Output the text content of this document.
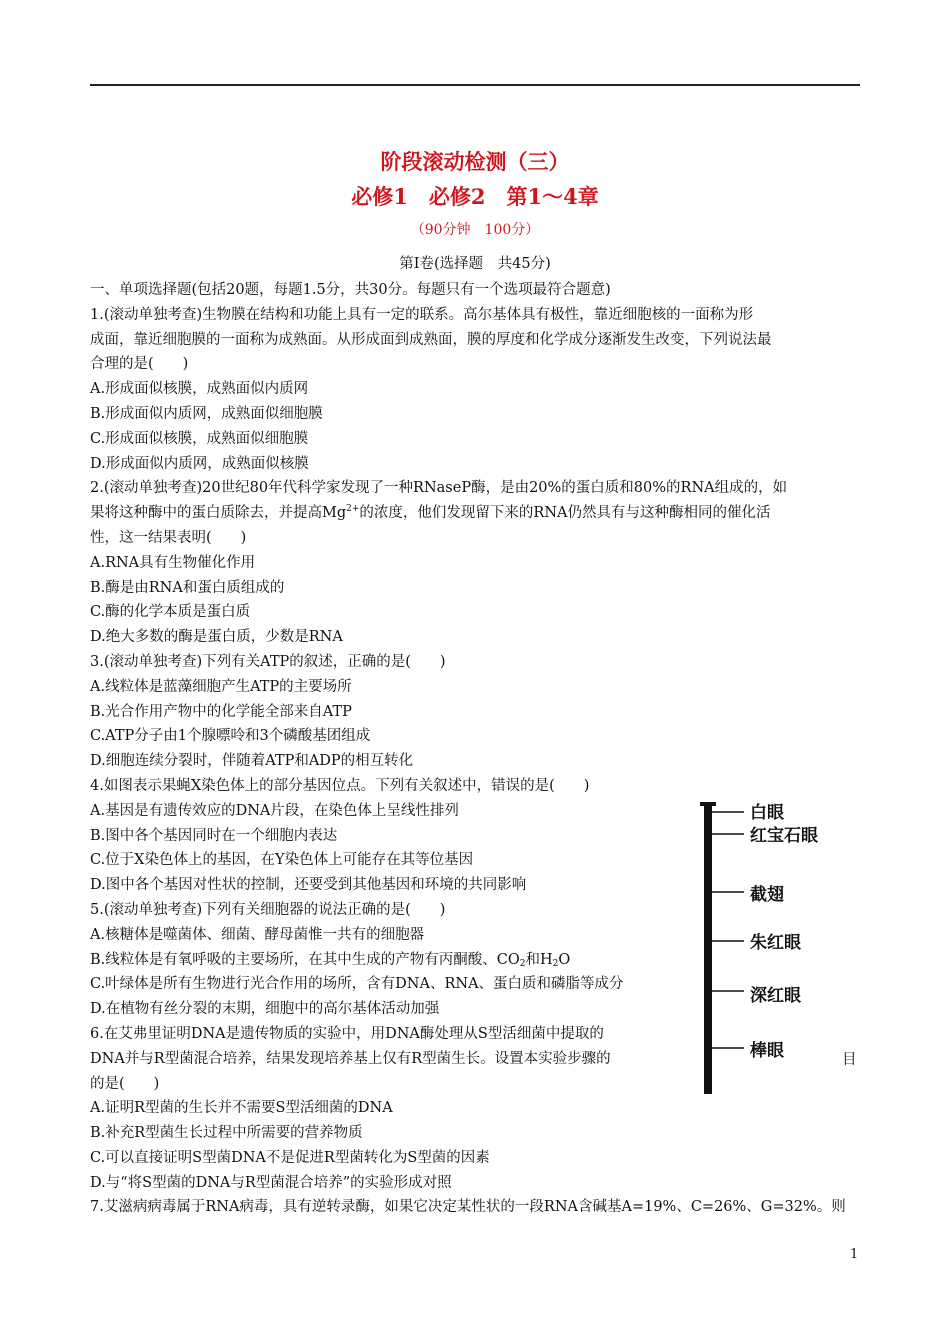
阶段滚动检测（三）
必修1　必修2　第1～4章
（90分钟　100分）
第Ⅰ卷(选择题　共45分)
一、单项选择题(包括20题，每题1.5分，共30分。每题只有一个选项最符合题意)
1.(滚动单独考查)生物膜在结构和功能上具有一定的联系。高尔基体具有极性，靠近细胞核的一面称为形
成面，靠近细胞膜的一面称为成熟面。从形成面到成熟面，膜的厚度和化学成分逐渐发生改变，下列说法最
合理的是(　　)
A.形成面似核膜，成熟面似内质网
B.形成面似内质网，成熟面似细胞膜
C.形成面似核膜，成熟面似细胞膜
D.形成面似内质网，成熟面似核膜
2.(滚动单独考查)20世纪80年代科学家发现了一种RNaseP酶，是由20%的蛋白质和80%的RNA组成的，如
果将这种酶中的蛋白质除去，并提高$Mg^{2+}$的浓度，他们发现留下来的RNA仍然具有与这种酶相同的催化活
性，这一结果表明(　　)
A.RNA具有生物催化作用
B.酶是由RNA和蛋白质组成的
C.酶的化学本质是蛋白质
D.绝大多数的酶是蛋白质，少数是RNA
3.(滚动单独考查)下列有关ATP的叙述，正确的是(　　)
A.线粒体是蓝藻细胞产生ATP的主要场所
B.光合作用产物中的化学能全部来自ATP
C.ATP分子由1个腺嘌呤和3个磷酸基团组成
D.细胞连续分裂时，伴随着ATP和ADP的相互转化
4.如图表示果蝇X染色体上的部分基因位点。下列有关叙述中，错误的是(　　)
A.基因是有遗传效应的DNA片段，在染色体上呈线性排列
B.图中各个基因同时在一个细胞内表达
C.位于X染色体上的基因，在Y染色体上可能存在其等位基因
D.图中各个基因对性状的控制，还要受到其他基因和环境的共同影响
5.(滚动单独考查)下列有关细胞器的说法正确的是(　　)
A.核糖体是噬菌体、细菌、酵母菌惟一共有的细胞器
B.线粒体是有氧呼吸的主要场所，在其中生成的产物有丙酮酸、$CO_2$和$H_2O$
C.叶绿体是所有生物进行光合作用的场所，含有DNA、RNA、蛋白质和磷脂等成分
D.在植物有丝分裂的末期，细胞中的高尔基体活动加强
6.在艾弗里证明DNA是遗传物质的实验中，用DNA酶处理从S型活细菌中提取的
DNA并与R型菌混合培养，结果发现培养基上仅有R型菌生长。设置本实验步骤的
的是(　　)
A.证明R型菌的生长并不需要S型活细菌的DNA
B.补充R型菌生长过程中所需要的营养物质
C.可以直接证明S型菌DNA不是促进R型菌转化为S型菌的因素
D.与“将S型菌的DNA与R型菌混合培养”的实验形成对照
7.艾滋病病毒属于RNA病毒，具有逆转录酶，如果它决定某性状的一段RNA含碱基A=19%、C=26%、G=32%。则
目
白眼
红宝石眼
截翅
朱红眼
深红眼
棒眼
1
